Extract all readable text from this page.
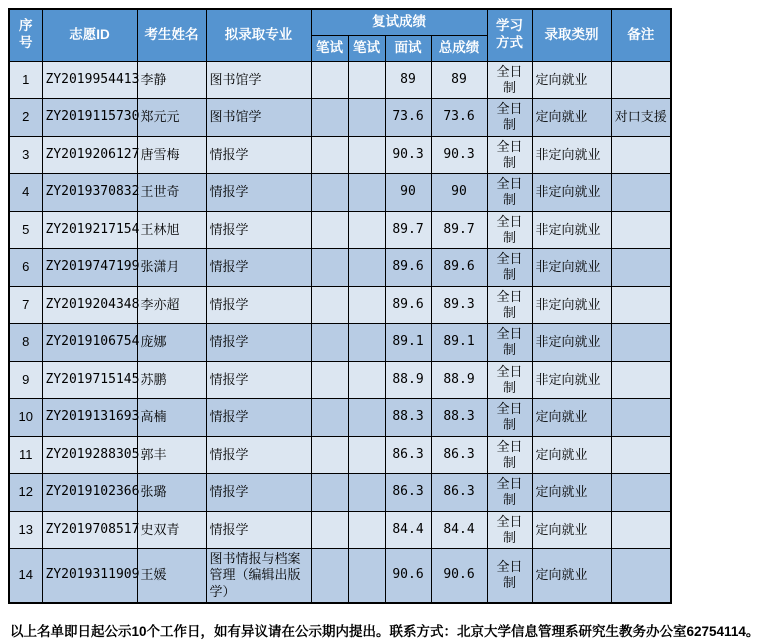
序号	志愿ID	考生姓名	拟录取专业	复试成绩				学习方式	录取类别	备注
				笔试	笔试	面试	总成绩			
1	ZY2019954413	李静	图书馆学			89	89	全日制	定向就业	
2	ZY2019115730	郑元元	图书馆学			73.6	73.6	全日制	定向就业	对口支援
3	ZY2019206127	唐雪梅	情报学			90.3	90.3	全日制	非定向就业	
4	ZY2019370832	王世奇	情报学			90	90	全日制	非定向就业	
5	ZY2019217154	王林旭	情报学			89.7	89.7	全日制	非定向就业	
6	ZY2019747199	张潇月	情报学			89.6	89.6	全日制	非定向就业	
7	ZY2019204348	李亦超	情报学			89.6	89.3	全日制	非定向就业	
8	ZY2019106754	庞娜	情报学			89.1	89.1	全日制	非定向就业	
9	ZY2019715145	苏鹏	情报学			88.9	88.9	全日制	非定向就业	
10	ZY2019131693	高楠	情报学			88.3	88.3	全日制	定向就业	
11	ZY2019288305	郭丰	情报学			86.3	86.3	全日制	定向就业	
12	ZY2019102366	张璐	情报学			86.3	86.3	全日制	定向就业	
13	ZY2019708517	史双青	情报学			84.4	84.4	全日制	定向就业	
14	ZY2019311909	王媛	图书情报与档案管理（编辑出版学）			90.6	90.6	全日制	定向就业	
以上名单即日起公示10个工作日，如有异议请在公示期内提出。联系方式：北京大学信息管理系研究生教务办公室62754114。
